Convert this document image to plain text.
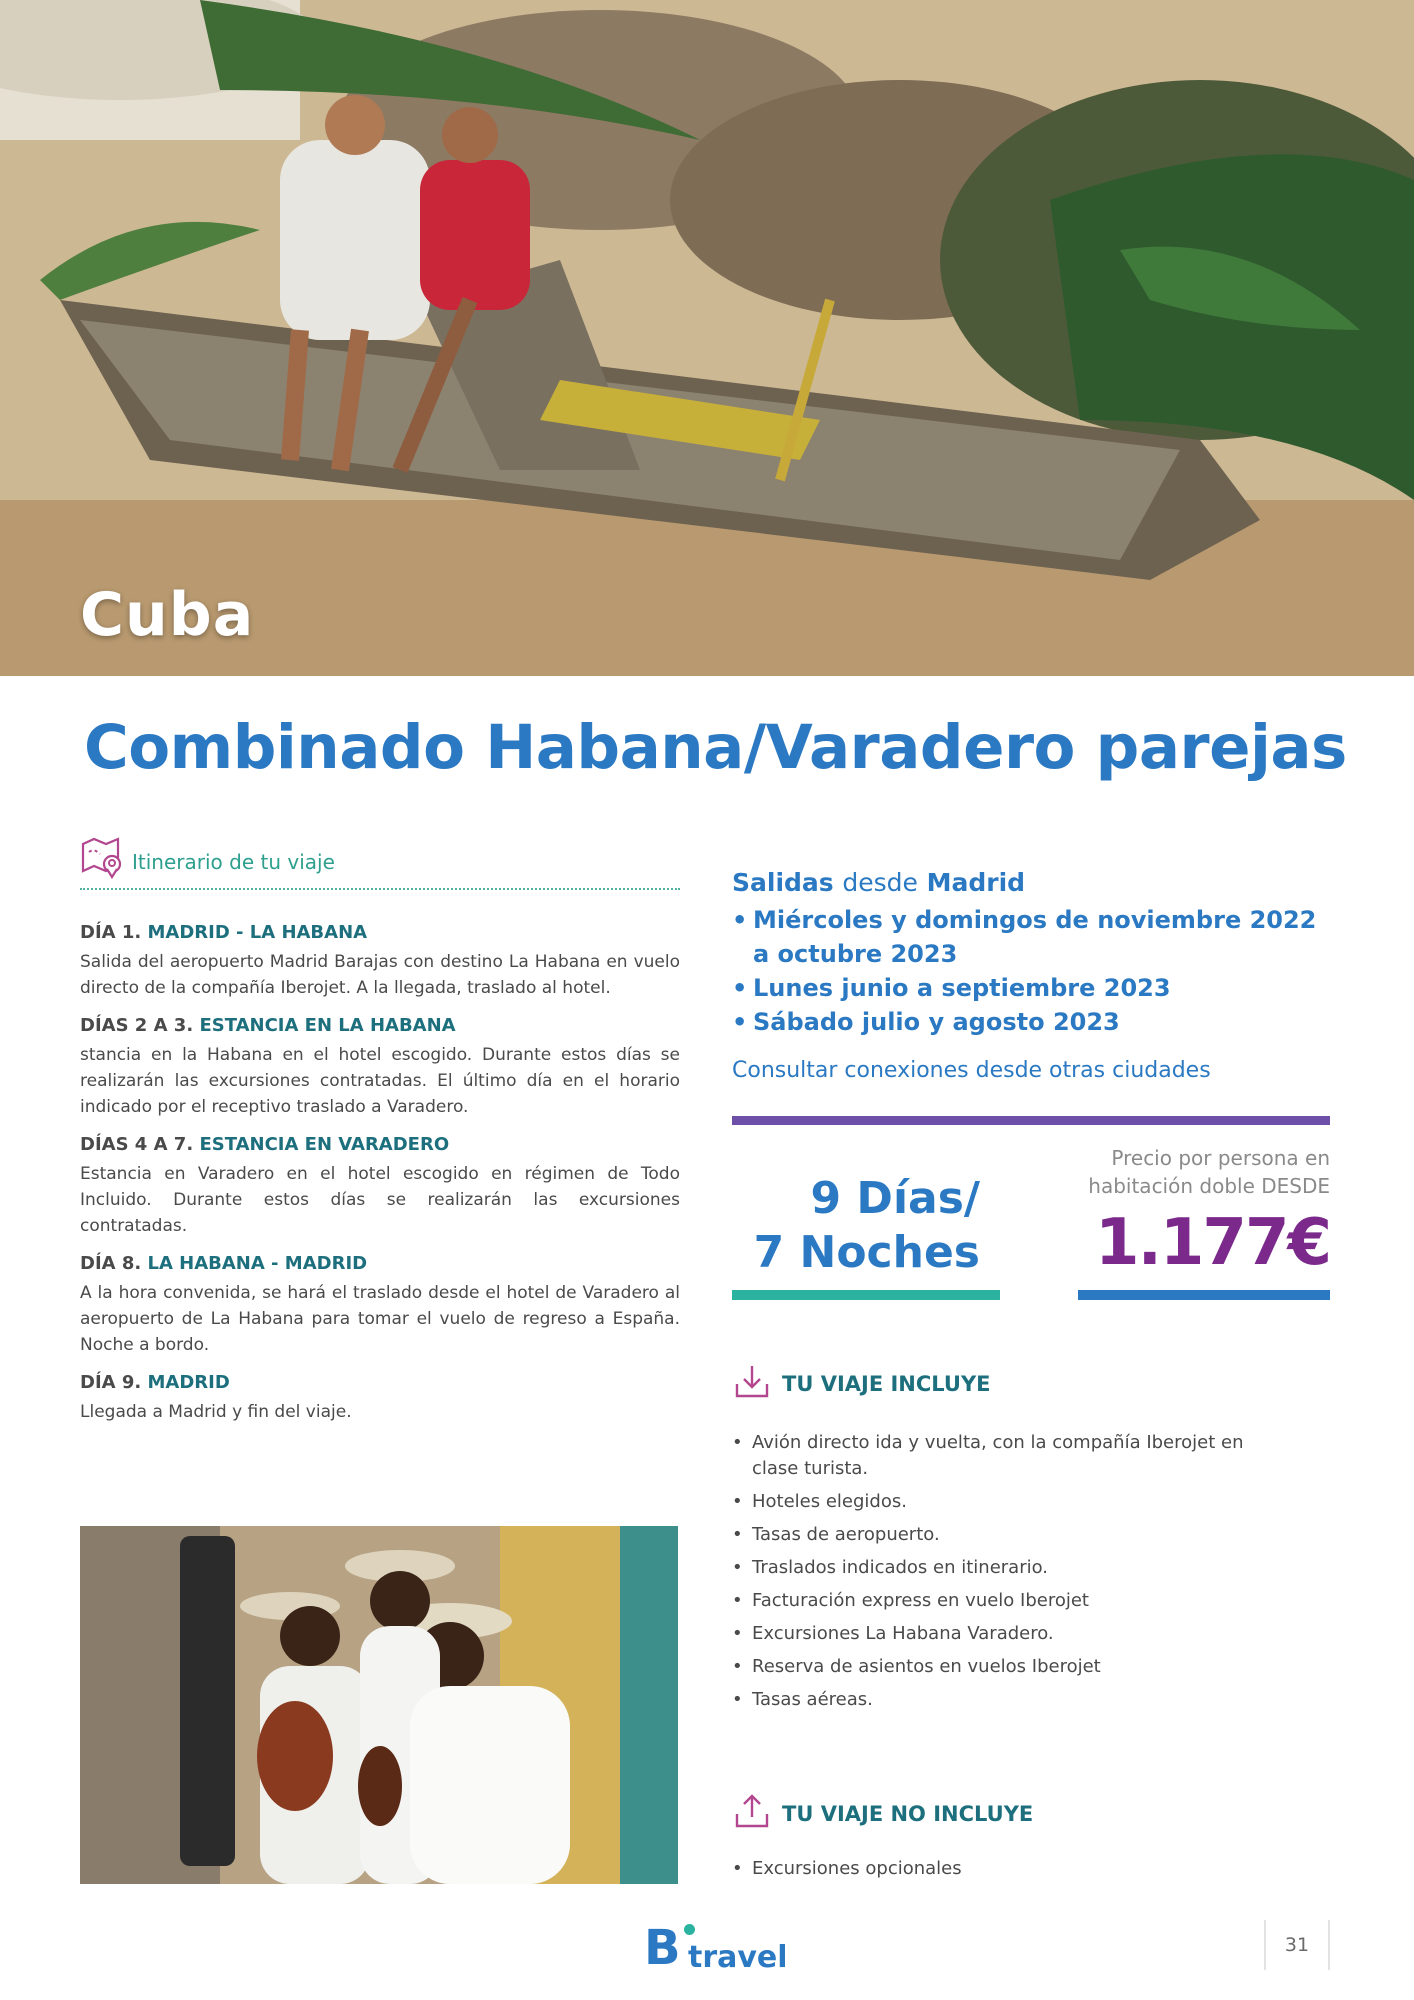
Cuba
Combinado Habana/Varadero parejas
Itinerario de tu viaje
DÍA 1. MADRID - LA HABANA
Salida del aeropuerto Madrid Barajas con destino La Habana en vuelo directo de la compañía Iberojet. A la llegada, traslado al hotel.
DÍAS 2 A 3. ESTANCIA EN LA HABANA
stancia en la Habana en el hotel escogido. Durante estos días se realizarán las excursiones contratadas. El último día en el horario indicado por el receptivo traslado a Varadero.
DÍAS 4 A 7. ESTANCIA EN VARADERO
Estancia en Varadero en el hotel escogido en régimen de Todo Incluido. Durante estos días se realizarán las excursiones contratadas.
DÍA 8. LA HABANA - MADRID
A la hora convenida, se hará el traslado desde el hotel de Varadero al aeropuerto de La Habana para tomar el vuelo de regreso a España. Noche a bordo.
DÍA 9. MADRID
Llegada a Madrid y fin del viaje.
Salidas desde Madrid
• Miércoles y domingos de noviembre 2022 a octubre 2023
• Lunes junio a septiembre 2023
• Sábado julio y agosto 2023
Consultar conexiones desde otras ciudades
9 Días/
7 Noches
Precio por persona en
habitación doble DESDE
1.177€
TU VIAJE INCLUYE
• Avión directo ida y vuelta, con la compañía Iberojet en clase turista.
• Hoteles elegidos.
• Tasas de aeropuerto.
• Traslados indicados en itinerario.
• Facturación express en vuelo Iberojet
• Excursiones La Habana Varadero.
• Reserva de asientos en vuelos Iberojet
• Tasas aéreas.
TU VIAJE NO INCLUYE
• Excursiones opcionales
B travel	31
